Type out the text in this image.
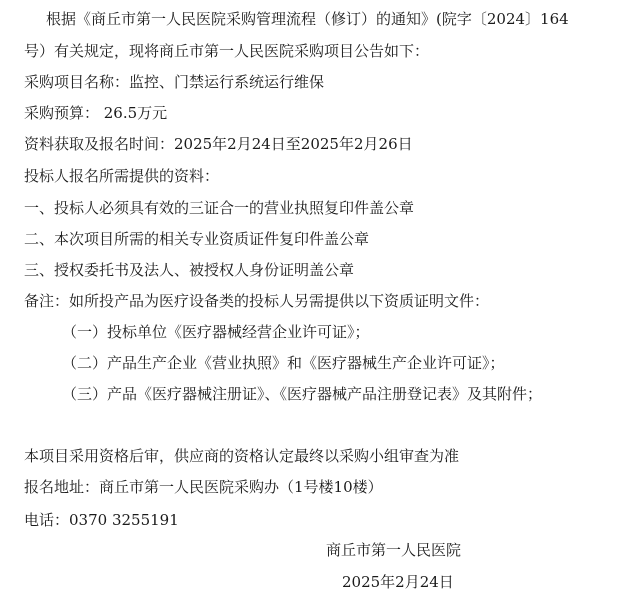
根据《商丘市第一人民医院采购管理流程（修订）的通知》(院字〔2024〕164
号）有关规定，现将商丘市第一人民医院采购项目公告如下：
采购项目名称：监控、门禁运行系统运行维保
采购预算： 26.5万元
资料获取及报名时间：2025年2月24日至2025年2月26日
投标人报名所需提供的资料：
一、投标人必须具有效的三证合一的营业执照复印件盖公章
二、本次项目所需的相关专业资质证件复印件盖公章
三、授权委托书及法人、被授权人身份证明盖公章
备注：如所投产品为医疗设备类的投标人另需提供以下资质证明文件：
（一）投标单位《医疗器械经营企业许可证》；
（二）产品生产企业《营业执照》和《医疗器械生产企业许可证》；
（三）产品《医疗器械注册证》、《医疗器械产品注册登记表》及其附件；
本项目采用资格后审，供应商的资格认定最终以采购小组审查为准
报名地址：商丘市第一人民医院采购办（1号楼10楼）
电话：0370 3255191
商丘市第一人民医院
2025年2月24日
